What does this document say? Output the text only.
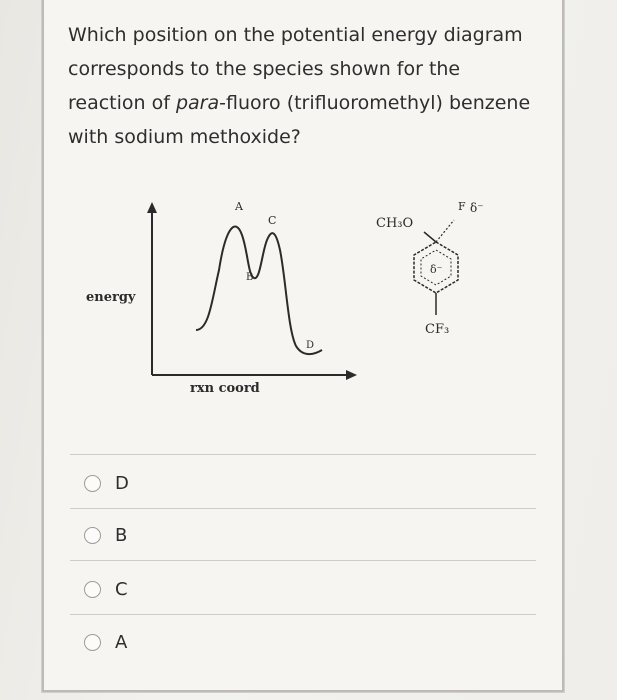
Which position on the potential energy diagram corresponds to the species shown for the reaction of para-fluoro (trifluoromethyl) benzene with sodium methoxide?
A
C
B
D
energy
rxn coord
CH₃O
F δ⁻
δ⁻
CF₃
D
B
C
A
